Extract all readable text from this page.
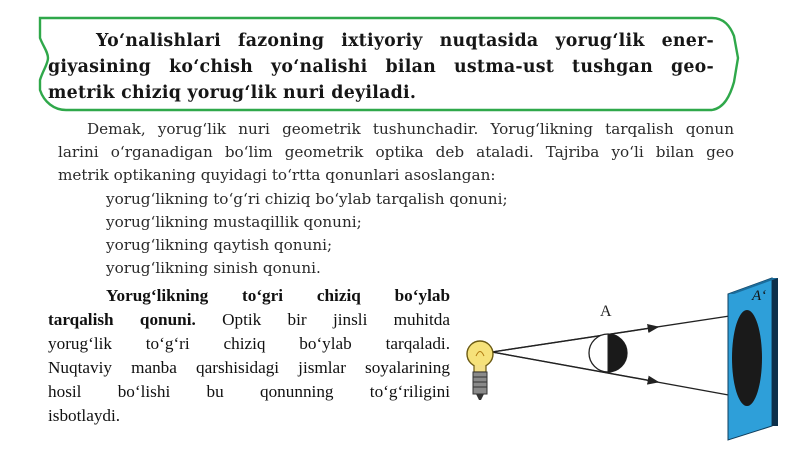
Yo‘nalishlari fazoning ixtiyoriy nuqtasida yorug‘lik ener-
giyasining ko‘chish yo‘nalishi bilan ustma-ust tushgan geo-
metrik chiziq yorug‘lik nuri deyiladi.
Demak, yorug‘lik nuri geometrik tushunchadir. Yorug‘likning tarqalish qonun
larini o‘rganadigan bo‘lim geometrik optika deb ataladi. Tajriba yo‘li bilan geo
metrik optikaning quyidagi to‘rtta qonunlari asoslangan:
yorug‘likning to‘g‘ri chiziq bo‘ylab tarqalish qonuni;
yorug‘likning mustaqillik qonuni;
yorug‘likning qaytish qonuni;
yorug‘likning sinish qonuni.
Yorug‘likning to‘gri chiziq bo‘ylab
tarqalish qonuni. Optik bir jinsli muhitda
yorug‘lik to‘g‘ri chiziq bo‘ylab tarqaladi.
Nuqtaviy manba qarshisidagi jismlar soyalarining
hosil bo‘lishi bu qonunning to‘g‘riligini
isbotlaydi.
A‘
A
